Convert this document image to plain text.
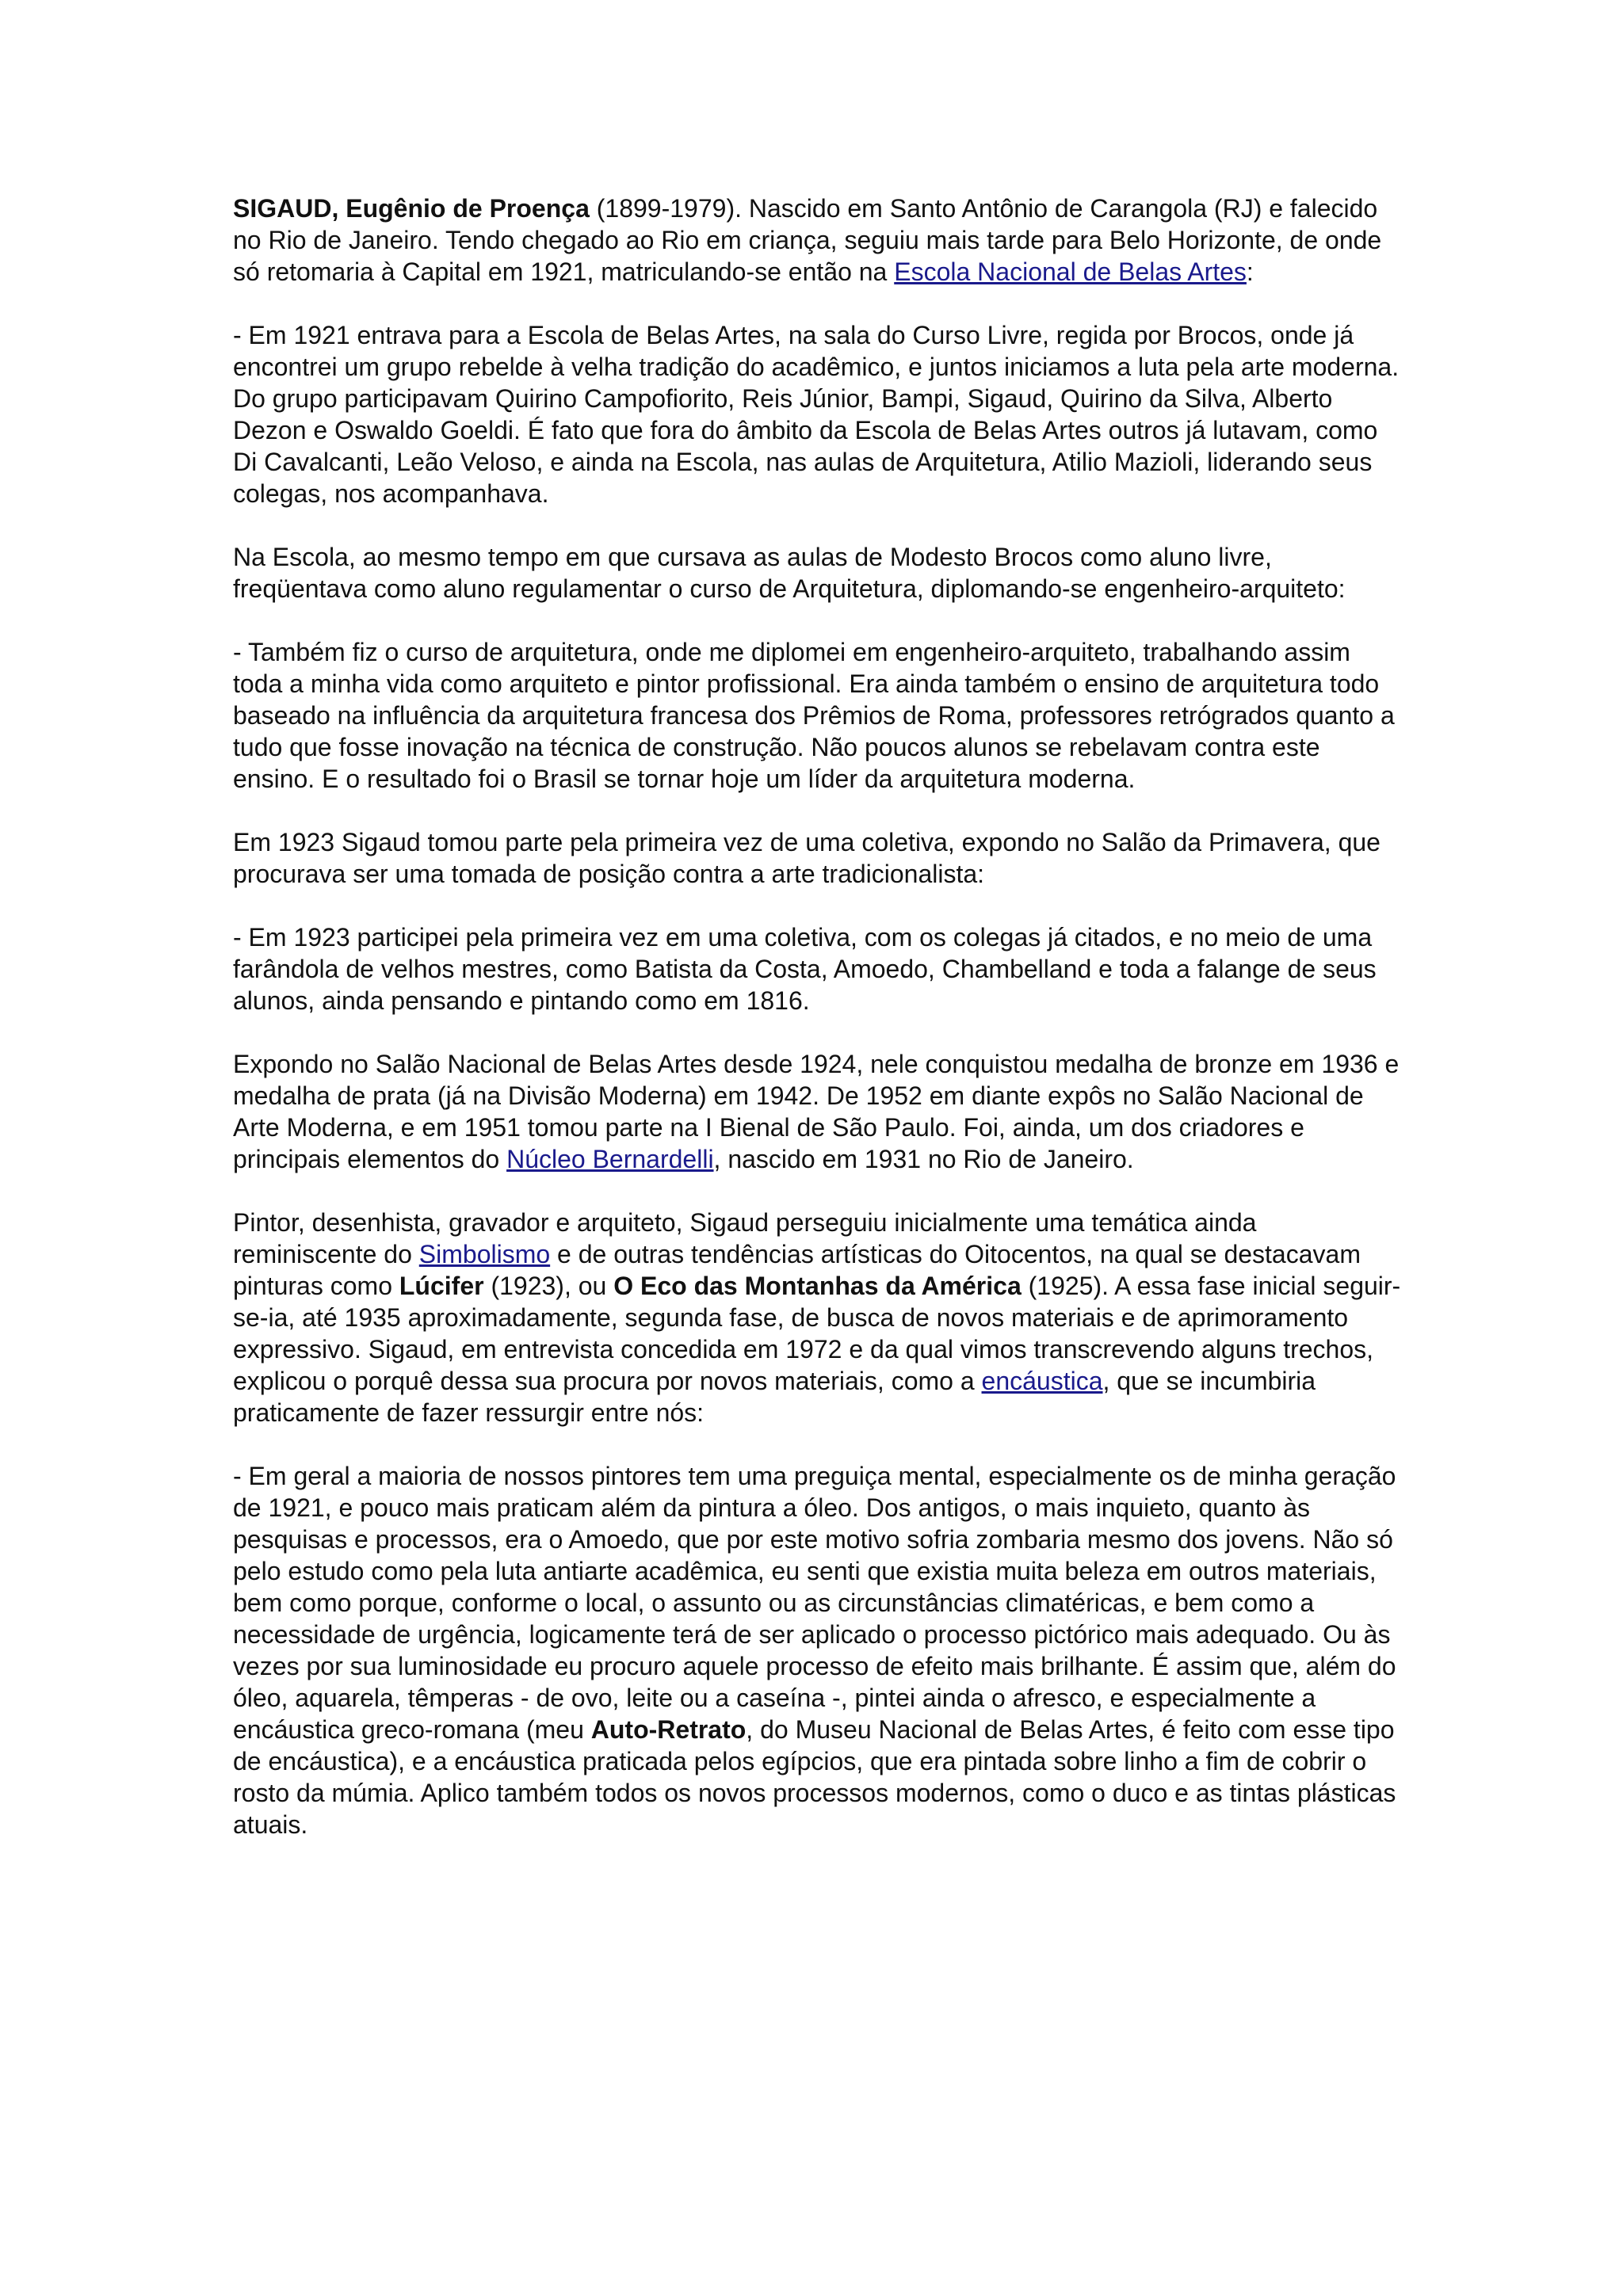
SIGAUD, Eugênio de Proença (1899-1979). Nascido em Santo Antônio de Carangola (RJ) e falecido no Rio de Janeiro. Tendo chegado ao Rio em criança, seguiu mais tarde para Belo Horizonte, de onde só retomaria à Capital em 1921, matriculando-se então na Escola Nacional de Belas Artes:

- Em 1921 entrava para a Escola de Belas Artes, na sala do Curso Livre, regida por Brocos, onde já encontrei um grupo rebelde à velha tradição do acadêmico, e juntos iniciamos a luta pela arte moderna. Do grupo participavam Quirino Campofiorito, Reis Júnior, Bampi, Sigaud, Quirino da Silva, Alberto Dezon e Oswaldo Goeldi. É fato que fora do âmbito da Escola de Belas Artes outros já lutavam, como Di Cavalcanti, Leão Veloso, e ainda na Escola, nas aulas de Arquitetura, Atilio Mazioli, liderando seus colegas, nos acompanhava.

Na Escola, ao mesmo tempo em que cursava as aulas de Modesto Brocos como aluno livre, freqüentava como aluno regulamentar o curso de Arquitetura, diplomando-se engenheiro-arquiteto:

- Também fiz o curso de arquitetura, onde me diplomei em engenheiro-arquiteto, trabalhando assim toda a minha vida como arquiteto e pintor profissional. Era ainda também o ensino de arquitetura todo baseado na influência da arquitetura francesa dos Prêmios de Roma, professores retrógrados quanto a tudo que fosse inovação na técnica de construção. Não poucos alunos se rebelavam contra este ensino. E o resultado foi o Brasil se tornar hoje um líder da arquitetura moderna.

Em 1923 Sigaud tomou parte pela primeira vez de uma coletiva, expondo no Salão da Primavera, que procurava ser uma tomada de posição contra a arte tradicionalista:

- Em 1923 participei pela primeira vez em uma coletiva, com os colegas já citados, e no meio de uma farândola de velhos mestres, como Batista da Costa, Amoedo, Chambelland e toda a falange de seus alunos, ainda pensando e pintando como em 1816.

Expondo no Salão Nacional de Belas Artes desde 1924, nele conquistou medalha de bronze em 1936 e medalha de prata (já na Divisão Moderna) em 1942. De 1952 em diante expôs no Salão Nacional de Arte Moderna, e em 1951 tomou parte na I Bienal de São Paulo. Foi, ainda, um dos criadores e principais elementos do Núcleo Bernardelli, nascido em 1931 no Rio de Janeiro.

Pintor, desenhista, gravador e arquiteto, Sigaud perseguiu inicialmente uma temática ainda reminiscente do Simbolismo e de outras tendências artísticas do Oitocentos, na qual se destacavam pinturas como Lúcifer (1923), ou O Eco das Montanhas da América (1925). A essa fase inicial seguir-se-ia, até 1935 aproximadamente, segunda fase, de busca de novos materiais e de aprimoramento expressivo. Sigaud, em entrevista concedida em 1972 e da qual vimos transcrevendo alguns trechos, explicou o porquê dessa sua procura por novos materiais, como a encáustica, que se incumbiria praticamente de fazer ressurgir entre nós:

- Em geral a maioria de nossos pintores tem uma preguiça mental, especialmente os de minha geração de 1921, e pouco mais praticam além da pintura a óleo. Dos antigos, o mais inquieto, quanto às pesquisas e processos, era o Amoedo, que por este motivo sofria zombaria mesmo dos jovens. Não só pelo estudo como pela luta antiarte acadêmica, eu senti que existia muita beleza em outros materiais, bem como porque, conforme o local, o assunto ou as circunstâncias climatéricas, e bem como a necessidade de urgência, logicamente terá de ser aplicado o processo pictórico mais adequado. Ou às vezes por sua luminosidade eu procuro aquele processo de efeito mais brilhante. É assim que, além do óleo, aquarela, têmperas - de ovo, leite ou a caseína -, pintei ainda o afresco, e especialmente a encáustica greco-romana (meu Auto-Retrato, do Museu Nacional de Belas Artes, é feito com esse tipo de encáustica), e a encáustica praticada pelos egípcios, que era pintada sobre linho a fim de cobrir o rosto da múmia. Aplico também todos os novos processos modernos, como o duco e as tintas plásticas atuais.
